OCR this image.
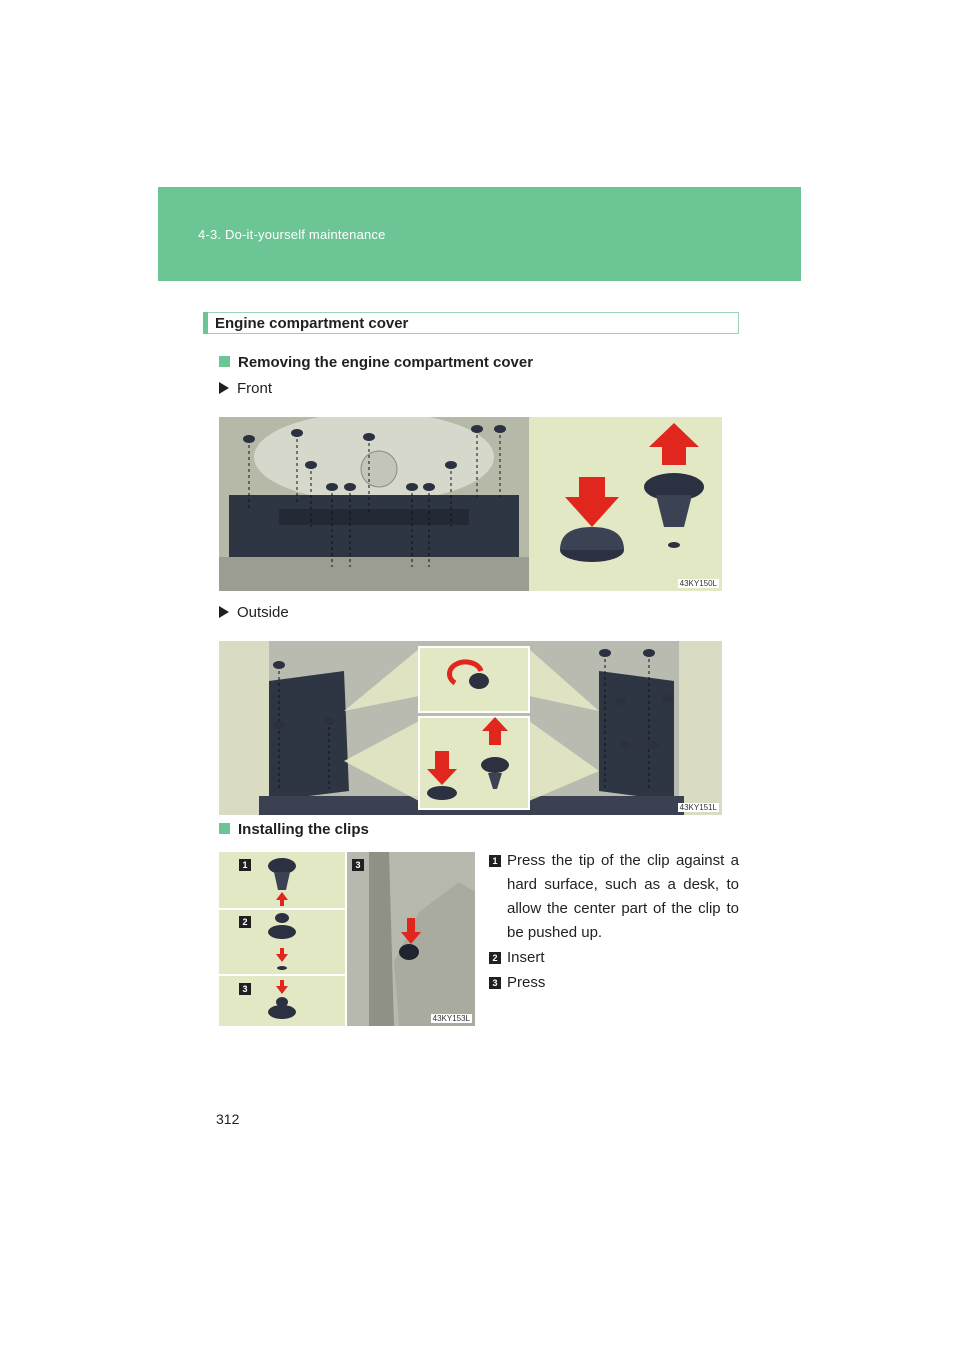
4-3. Do-it-yourself maintenance
Engine compartment cover
Removing the engine compartment cover
Front
43KY150L
Outside
43KY151L
Installing the clips
1
2
3
3
43KY153L
1 Press the tip of the clip against a hard surface, such as a desk, to allow the center part of the clip to be pushed up.
2 Insert
3 Press
312
